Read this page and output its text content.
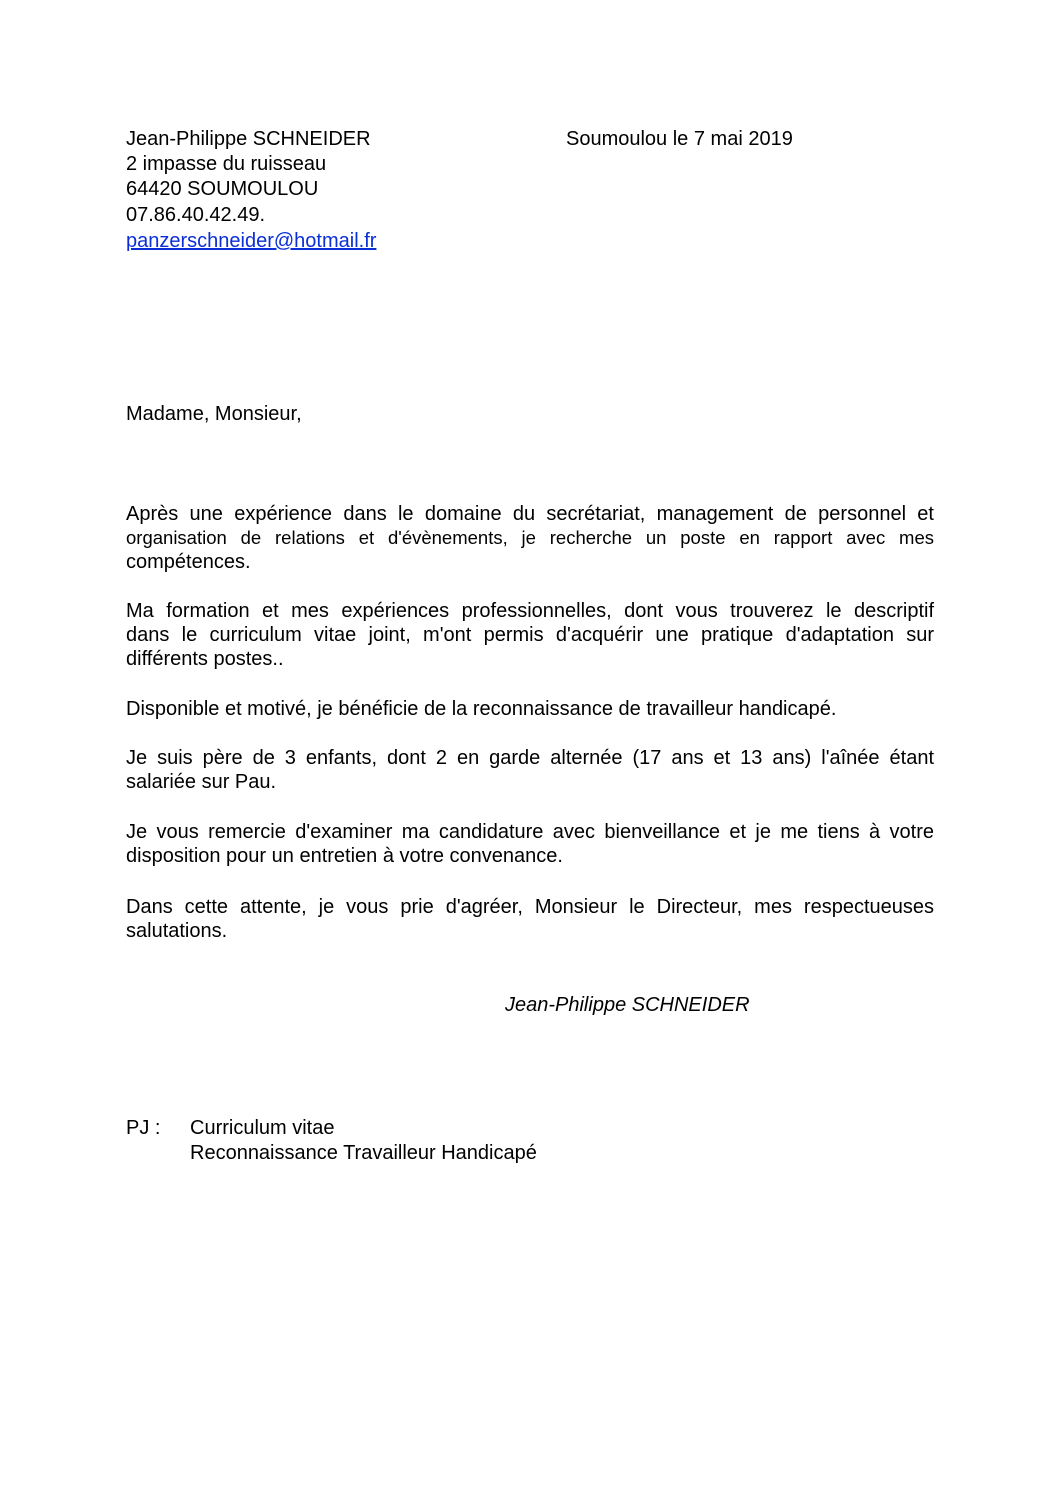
Jean-Philippe SCHNEIDER

2 impasse du ruisseau

64420 SOUMOULOU

07.86.40.42.49.

panzerschneider@hotmail.fr

Soumoulou le 7 mai 2019

Madame, Monsieur,

Après une expérience dans le domaine du secrétariat, management de personnel et
organisation de relations et d'évènements, je recherche un poste en rapport avec mes
compétences.
Ma formation et mes expériences professionnelles, dont vous trouverez le descriptif
dans le curriculum vitae joint, m'ont permis d'acquérir une pratique d'adaptation sur
différents postes..
Disponible et motivé, je bénéficie de la reconnaissance de travailleur handicapé.
Je suis père de 3 enfants, dont 2 en garde alternée (17 ans et 13 ans) l'aînée étant
salariée sur Pau.
Je vous remercie d'examiner ma candidature avec bienveillance et je me tiens à votre
disposition pour un entretien à votre convenance.
Dans cette attente, je vous prie d'agréer, Monsieur le Directeur, mes respectueuses
salutations.

Jean-Philippe SCHNEIDER

PJ : Curriculum vitae

Reconnaissance Travailleur Handicapé
